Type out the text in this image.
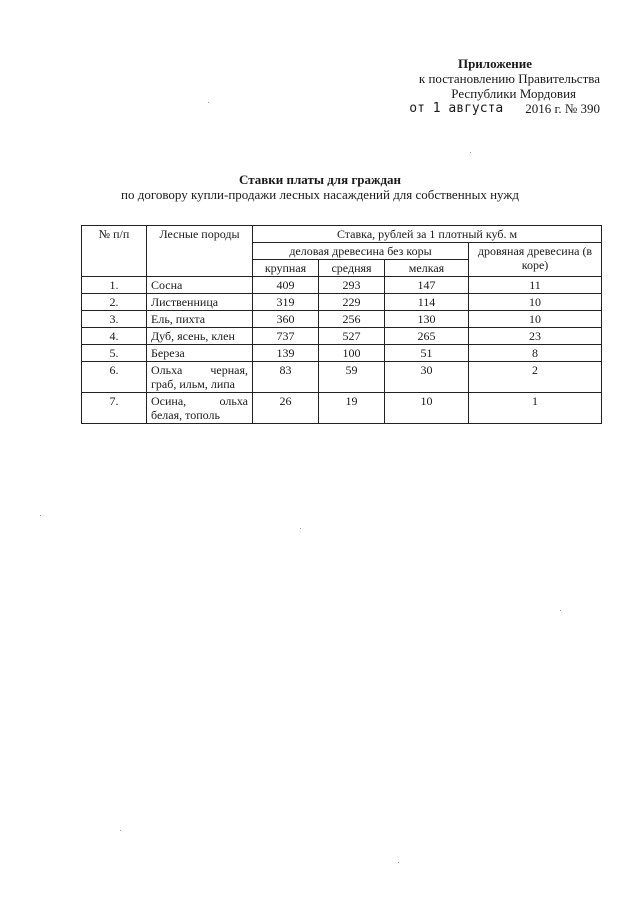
Приложение
к постановлению Правительства
Республики Мордовия
от 1 августа 2016 г. № 390
Ставки платы для граждан
по договору купли-продажи лесных насаждений для собственных нужд
№ п/п	Лесные породы	Ставка, рублей за 1 плотный куб. м			
		деловая древесина без коры			дровяная древесина (в коре)
		крупная	средняя	мелкая	
1.	Сосна	409	293	147	11
2.	Лиственница	319	229	114	10
3.	Ель, пихта	360	256	130	10
4.	Дуб, ясень, клен	737	527	265	23
5.	Береза	139	100	51	8
6.	Ольха черная, граб, ильм, липа	83	59	30	2
7.	Осина, ольха белая, тополь	26	19	10	1
